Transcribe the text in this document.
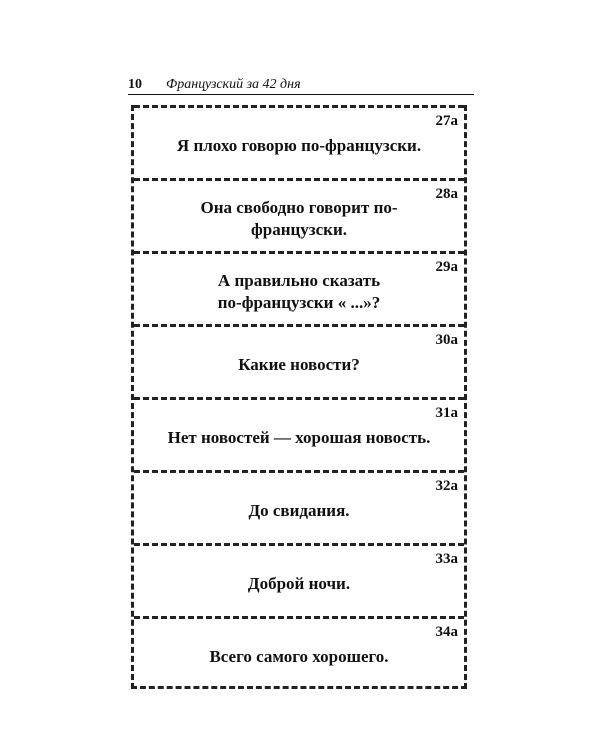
10 Французский за 42 дня
27a
Я плохо говорю по-французски.
28a
Она свободно говорит по-французски.
29a
А правильно сказать
по-французски « ...»?
30a
Какие новости?
31a
Нет новостей — хорошая новость.
32a
До свидания.
33a
Доброй ночи.
34a
Всего самого хорошего.
